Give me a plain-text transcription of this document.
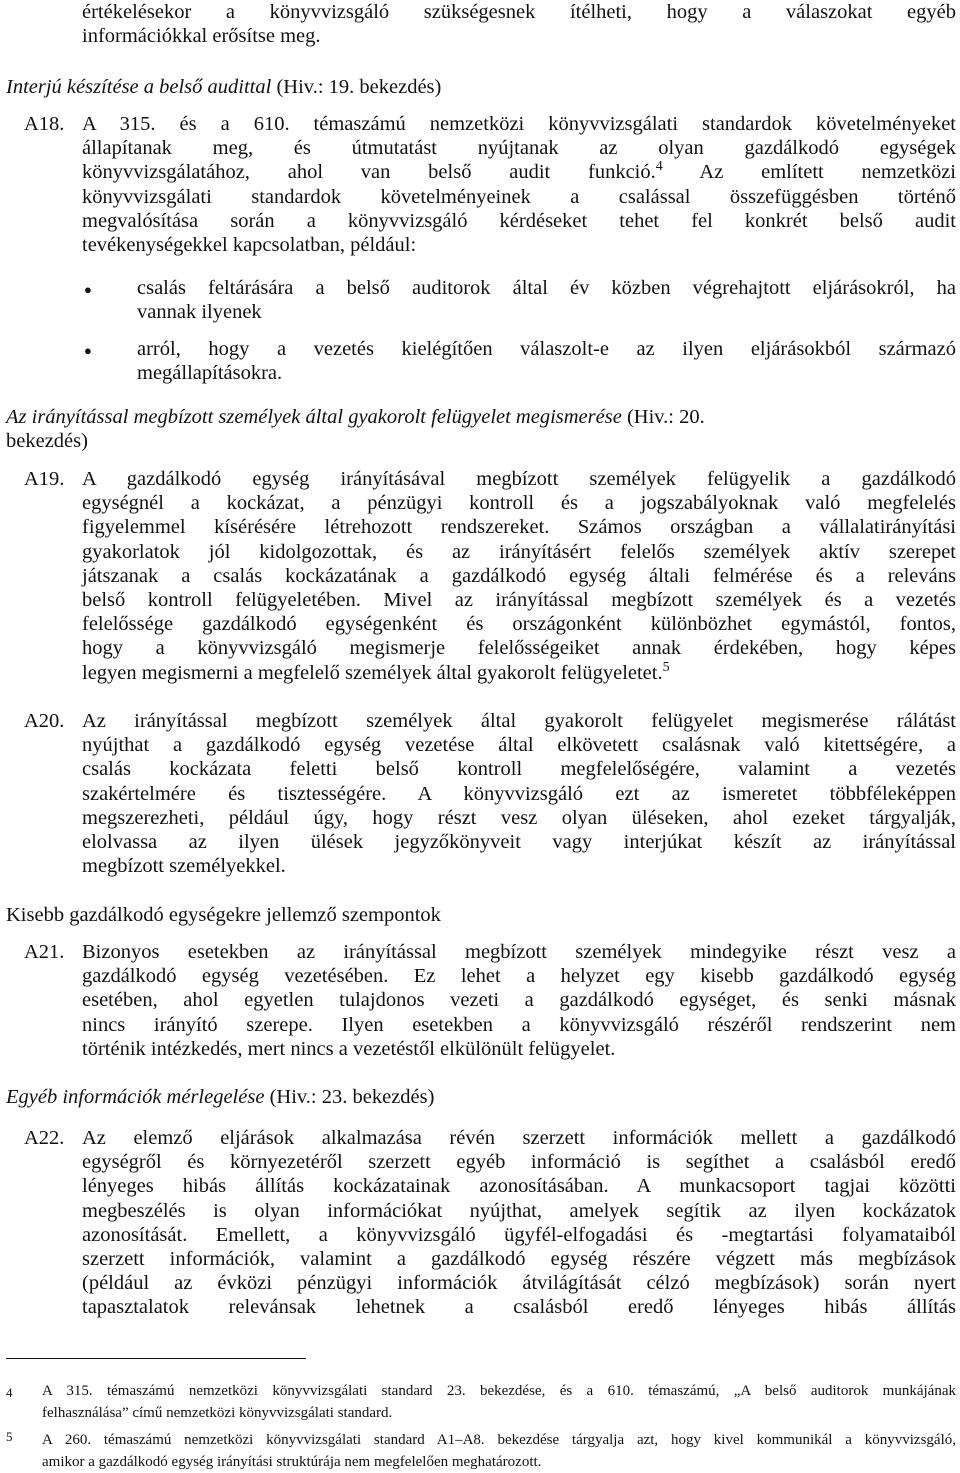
értékelésekor a könyvvizsgáló szükségesnek ítélheti, hogy a válaszokat egyéb
információkkal erősítse meg.
Interjú készítése a belső audittal (Hiv.: 19. bekezdés)
A18. A 315. és a 610. témaszámú nemzetközi könyvvizsgálati standardok követelményeket
állapítanak meg, és útmutatást nyújtanak az olyan gazdálkodó egységek
könyvvizsgálatához, ahol van belső audit funkció.$^4$ Az említett nemzetközi
könyvvizsgálati standardok követelményeinek a csalással összefüggésben történő
megvalósítása során a könyvvizsgáló kérdéseket tehet fel konkrét belső audit
tevékenységekkel kapcsolatban, például:
● csalás feltárására a belső auditorok által év közben végrehajtott eljárásokról, ha
vannak ilyenek
● arról, hogy a vezetés kielégítően válaszolt-e az ilyen eljárásokból származó
megállapításokra.
Az irányítással megbízott személyek által gyakorolt felügyelet megismerése (Hiv.: 20.
bekezdés)
A19. A gazdálkodó egység irányításával megbízott személyek felügyelik a gazdálkodó
egységnél a kockázat, a pénzügyi kontroll és a jogszabályoknak való megfelelés
figyelemmel kísérésére létrehozott rendszereket. Számos országban a vállalatirányítási
gyakorlatok jól kidolgozottak, és az irányításért felelős személyek aktív szerepet
játszanak a csalás kockázatának a gazdálkodó egység általi felmérése és a releváns
belső kontroll felügyeletében. Mivel az irányítással megbízott személyek és a vezetés
felelőssége gazdálkodó egységenként és országonként különbözhet egymástól, fontos,
hogy a könyvvizsgáló megismerje felelősségeiket annak érdekében, hogy képes
legyen megismerni a megfelelő személyek által gyakorolt felügyeletet.$^5$
A20. Az irányítással megbízott személyek által gyakorolt felügyelet megismerése rálátást
nyújthat a gazdálkodó egység vezetése által elkövetett csalásnak való kitettségére, a
csalás kockázata feletti belső kontroll megfelelőségére, valamint a vezetés
szakértelmére és tisztességére. A könyvvizsgáló ezt az ismeretet többféleképpen
megszerezheti, például úgy, hogy részt vesz olyan üléseken, ahol ezeket tárgyalják,
elolvassa az ilyen ülések jegyzőkönyveit vagy interjúkat készít az irányítással
megbízott személyekkel.
Kisebb gazdálkodó egységekre jellemző szempontok
A21. Bizonyos esetekben az irányítással megbízott személyek mindegyike részt vesz a
gazdálkodó egység vezetésében. Ez lehet a helyzet egy kisebb gazdálkodó egység
esetében, ahol egyetlen tulajdonos vezeti a gazdálkodó egységet, és senki másnak
nincs irányító szerepe. Ilyen esetekben a könyvvizsgáló részéről rendszerint nem
történik intézkedés, mert nincs a vezetéstől elkülönült felügyelet.
Egyéb információk mérlegelése (Hiv.: 23. bekezdés)
A22. Az elemző eljárások alkalmazása révén szerzett információk mellett a gazdálkodó
egységről és környezetéről szerzett egyéb információ is segíthet a csalásból eredő
lényeges hibás állítás kockázatainak azonosításában. A munkacsoport tagjai közötti
megbeszélés is olyan információkat nyújthat, amelyek segítik az ilyen kockázatok
azonosítását. Emellett, a könyvvizsgáló ügyfél-elfogadási és -megtartási folyamataiból
szerzett információk, valamint a gazdálkodó egység részére végzett más megbízások
(például az évközi pénzügyi információk átvilágítását célzó megbízások) során nyert
tapasztalatok relevánsak lehetnek a csalásból eredő lényeges hibás állítás
4 A 315. témaszámú nemzetközi könyvvizsgálati standard 23. bekezdése, és a 610. témaszámú, „A belső auditorok munkájának
felhasználása” című nemzetközi könyvvizsgálati standard.
5 A 260. témaszámú nemzetközi könyvvizsgálati standard A1–A8. bekezdése tárgyalja azt, hogy kivel kommunikál a könyvvizsgáló,
amikor a gazdálkodó egység irányítási struktúrája nem megfelelően meghatározott.
